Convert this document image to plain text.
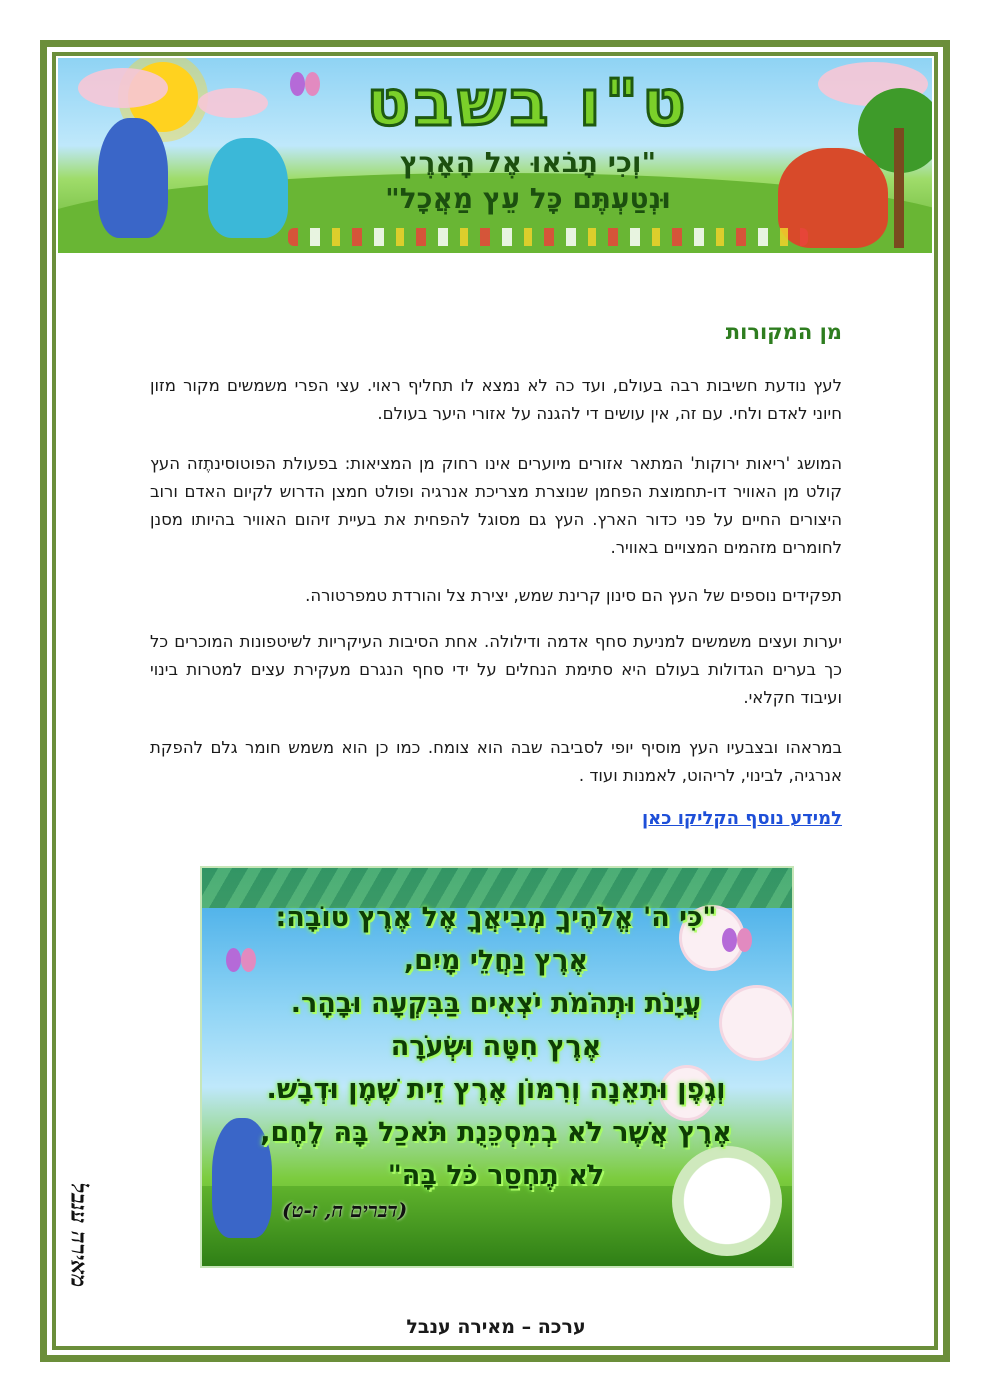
ט"ו בשבט
"וְכִי תָבֹאוּ אֶל הָאָרֶץ
וּנְטַעְתֶּם כָּל עֵץ מַאֲכָל"
מן המקורות

לעץ נודעת חשיבות רבה בעולם, ועד כה לא נמצא לו תחליף ראוי. עצי הפרי משמשים מקור מזון חיוני לאדם ולחי. עם זה, אין עושים די להגנה על אזורי היער בעולם.

המושג 'ריאות ירוקות' המתאר אזורים מיוערים אינו רחוק מן המציאות: בפעולת הפוטוסינתֶזה העץ קולט מן האוויר דו-תחמוצת הפחמן שנוצרת מצריכת אנרגיה ופולט חמצן הדרוש לקיום האדם ורוב היצורים החיים על פני כדור הארץ. העץ גם מסוגל להפחית את בעיית זיהום האוויר בהיותו מסנן לחומרים מזהמים המצויים באוויר.

תפקידים נוספים של העץ הם סינון קרינת שמש, יצירת צל והורדת טמפרטורה.

יערות ועצים משמשים למניעת סחף אדמה ודילולה. אחת הסיבות העיקריות לשיטפונות המוכרים כל כך בערים הגדולות בעולם היא סתימת הנחלים על ידי סחף הנגרם מעקירת עצים למטרות בינוי ועיבוד חקלאי.

במראהו ובצבעיו העץ מוסיף יופי לסביבה שבה הוא צומח. כמו כן הוא משמש חומר גלם להפקת אנרגיה, לבינוי, לריהוט, לאמנות ועוד .

למידע נוסף הקליקו כאן
"כִּי ה' אֱלֹהֶיךָ מְבִיאֲךָ אֶל אֶרֶץ טוֹבָה:
אֶרֶץ נַחֲלֵי מָיִם,
עֲיָנֹת וּתְהֹמֹת יֹצְאִים בַּבִּקְעָה וּבָהָר.
אֶרֶץ חִטָּה וּשְׂעֹרָה
וְגֶפֶן וּתְאֵנָה וְרִמּוֹן אֶרֶץ זֵית שֶׁמֶן וּדְבָשׁ.
אֶרֶץ אֲשֶׁר לֹא בְמִסְכֵּנֻת תֹּאכַל בָּהּ לֶחֶם,
לֹא תֶחְסַר כֹּל בָּהּ"
(דברים ח, ז-ט)
מאירה ענבל
ערכה – מאירה ענבל
